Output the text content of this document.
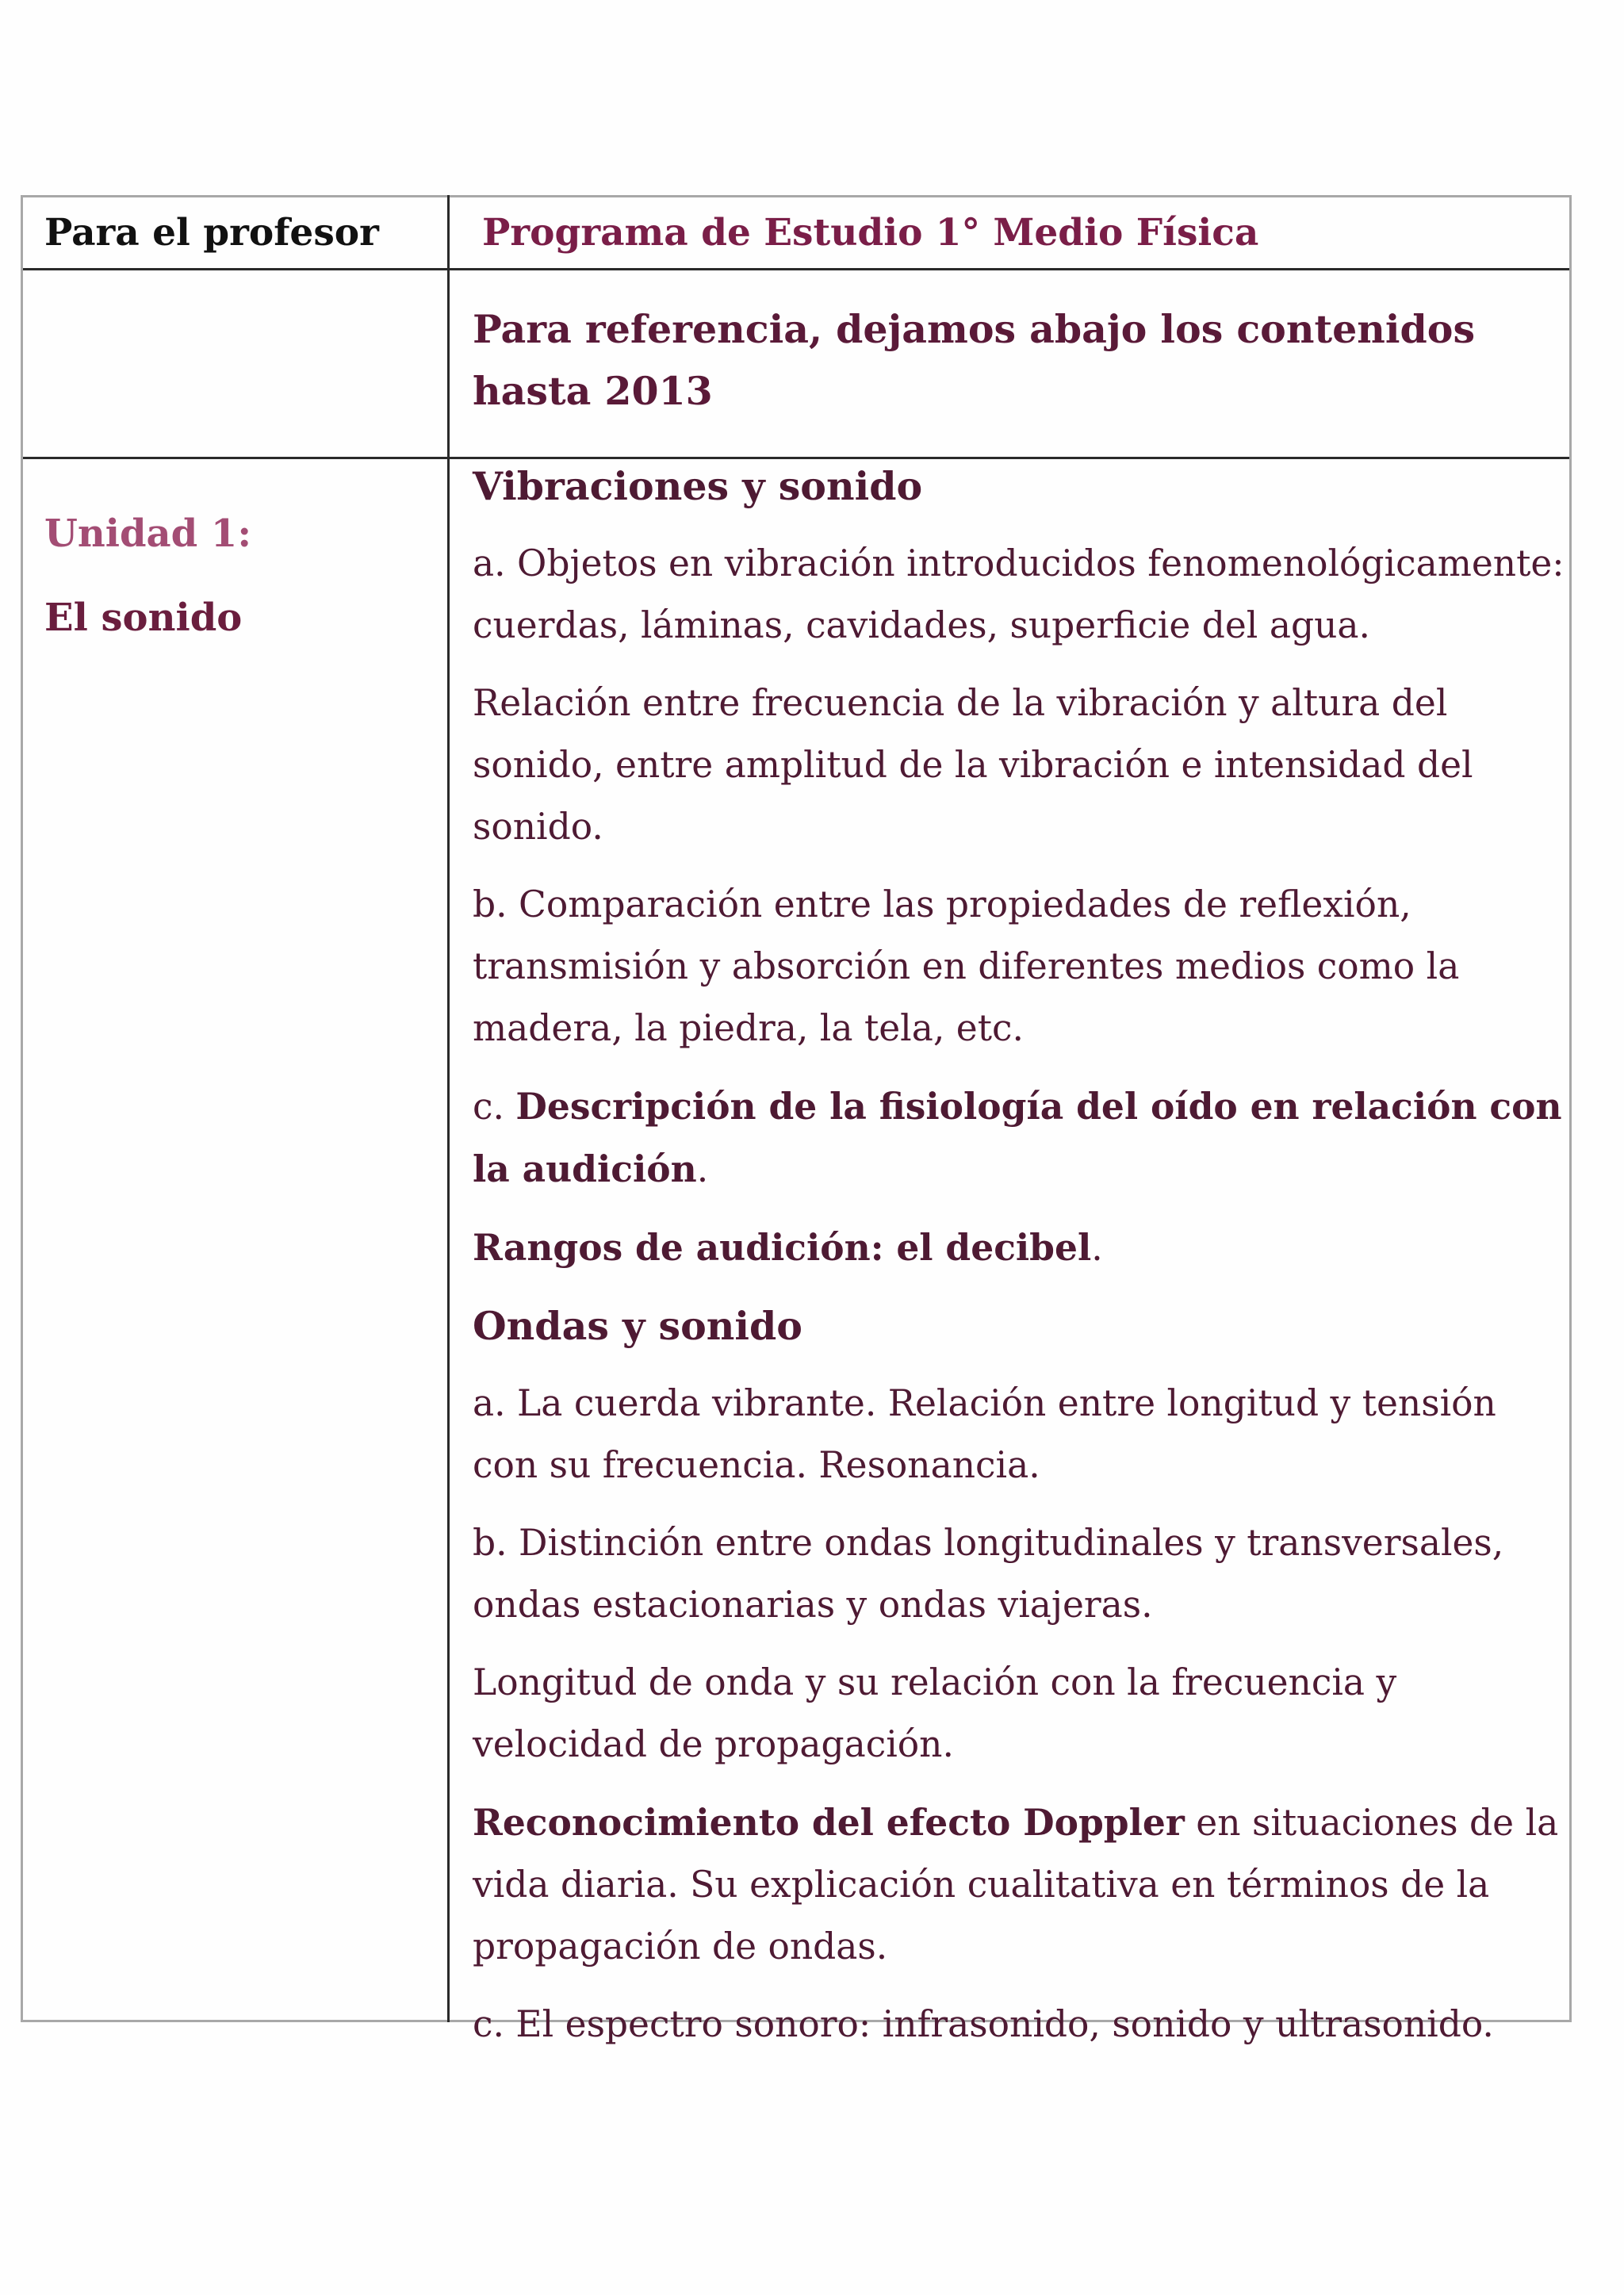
Para el profesor	Programa de Estudio 1° Medio Física
Para referencia, dejamos abajo los contenidos hasta 2013
Unidad 1:
El sonido

Vibraciones y sonido

a. Objetos en vibración introducidos fenomenológicamente: cuerdas, láminas, cavidades, superficie del agua.

Relación entre frecuencia de la vibración y altura del sonido, entre amplitud de la vibración e intensidad del sonido.

b. Comparación entre las propiedades de reflexión, transmisión y absorción en diferentes medios como la madera, la piedra, la tela, etc.

c. Descripción de la fisiología del oído en relación con la audición.

Rangos de audición: el decibel.

Ondas y sonido

a. La cuerda vibrante. Relación entre longitud y tensión con su frecuencia. Resonancia.

b. Distinción entre ondas longitudinales y transversales, ondas estacionarias y ondas viajeras.

Longitud de onda y su relación con la frecuencia y velocidad de propagación.

Reconocimiento del efecto Doppler en situaciones de la vida diaria. Su explicación cualitativa en términos de la propagación de ondas.

c. El espectro sonoro: infrasonido, sonido y ultrasonido.
